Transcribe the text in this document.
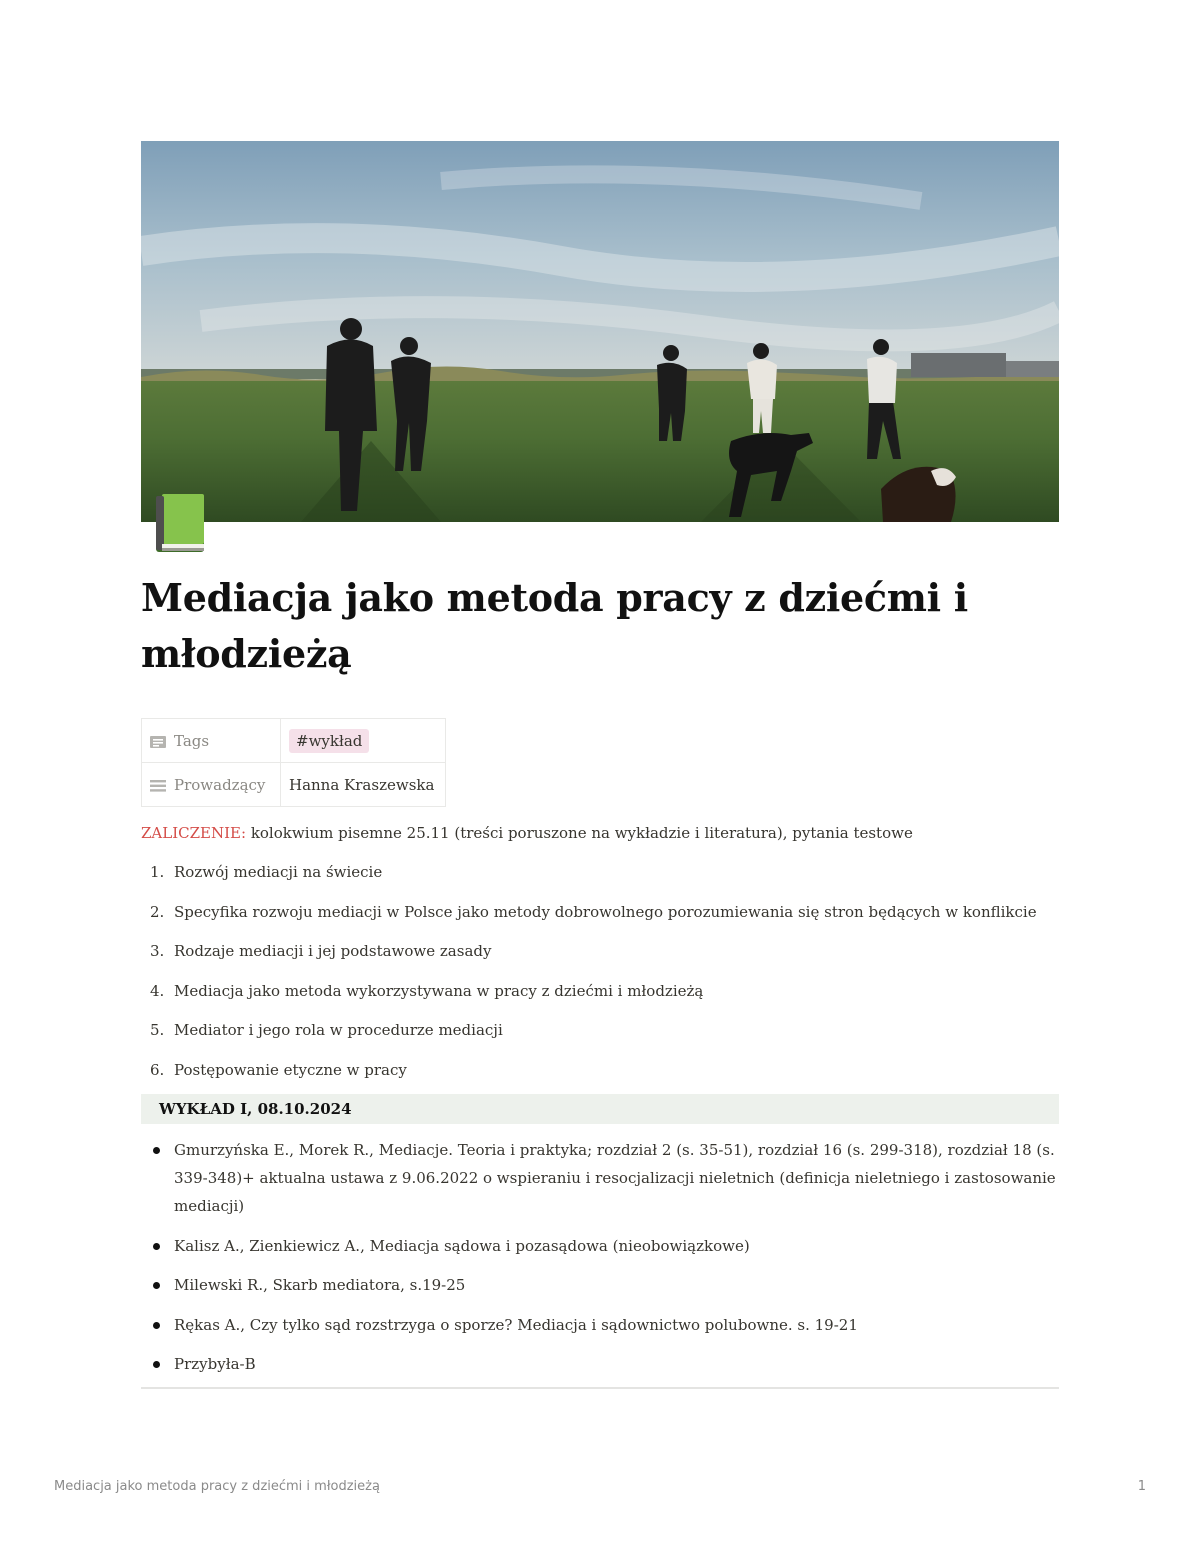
Mediacja jako metoda pracy z dziećmi i młodzieżą
Tags	#wykład
Prowadzący	Hanna Kraszewska

ZALICZENIE: kolokwium pisemne 25.11 (treści poruszone na wykładzie i literatura), pytania testowe

1. Rozwój mediacji na świecie
2. Specyfika rozwoju mediacji w Polsce jako metody dobrowolnego porozumiewania się stron będących w konflikcie
3. Rodzaje mediacji i jej podstawowe zasady
4. Mediacja jako metoda wykorzystywana w pracy z dziećmi i młodzieżą
5. Mediator i jego rola w procedurze mediacji
6. Postępowanie etyczne w pracy
WYKŁAD I, 08.10.2024
Gmurzyńska E., Morek R., Mediacje. Teoria i praktyka; rozdział 2 (s. 35-51), rozdział 16 (s. 299-318), rozdział 18 (s. 339-348)+ aktualna ustawa z 9.06.2022 o wspieraniu i resocjalizacji nieletnich (definicja nieletniego i zastosowanie mediacji)
Kalisz A., Zienkiewicz A., Mediacja sądowa i pozasądowa (nieobowiązkowe)
Milewski R., Skarb mediatora, s.19-25
Rękas A., Czy tylko sąd rozstrzyga o sporze? Mediacja i sądownictwo polubowne. s. 19-21
Przybyła-B
Mediacja jako metoda pracy z dziećmi i młodzieżą	1
